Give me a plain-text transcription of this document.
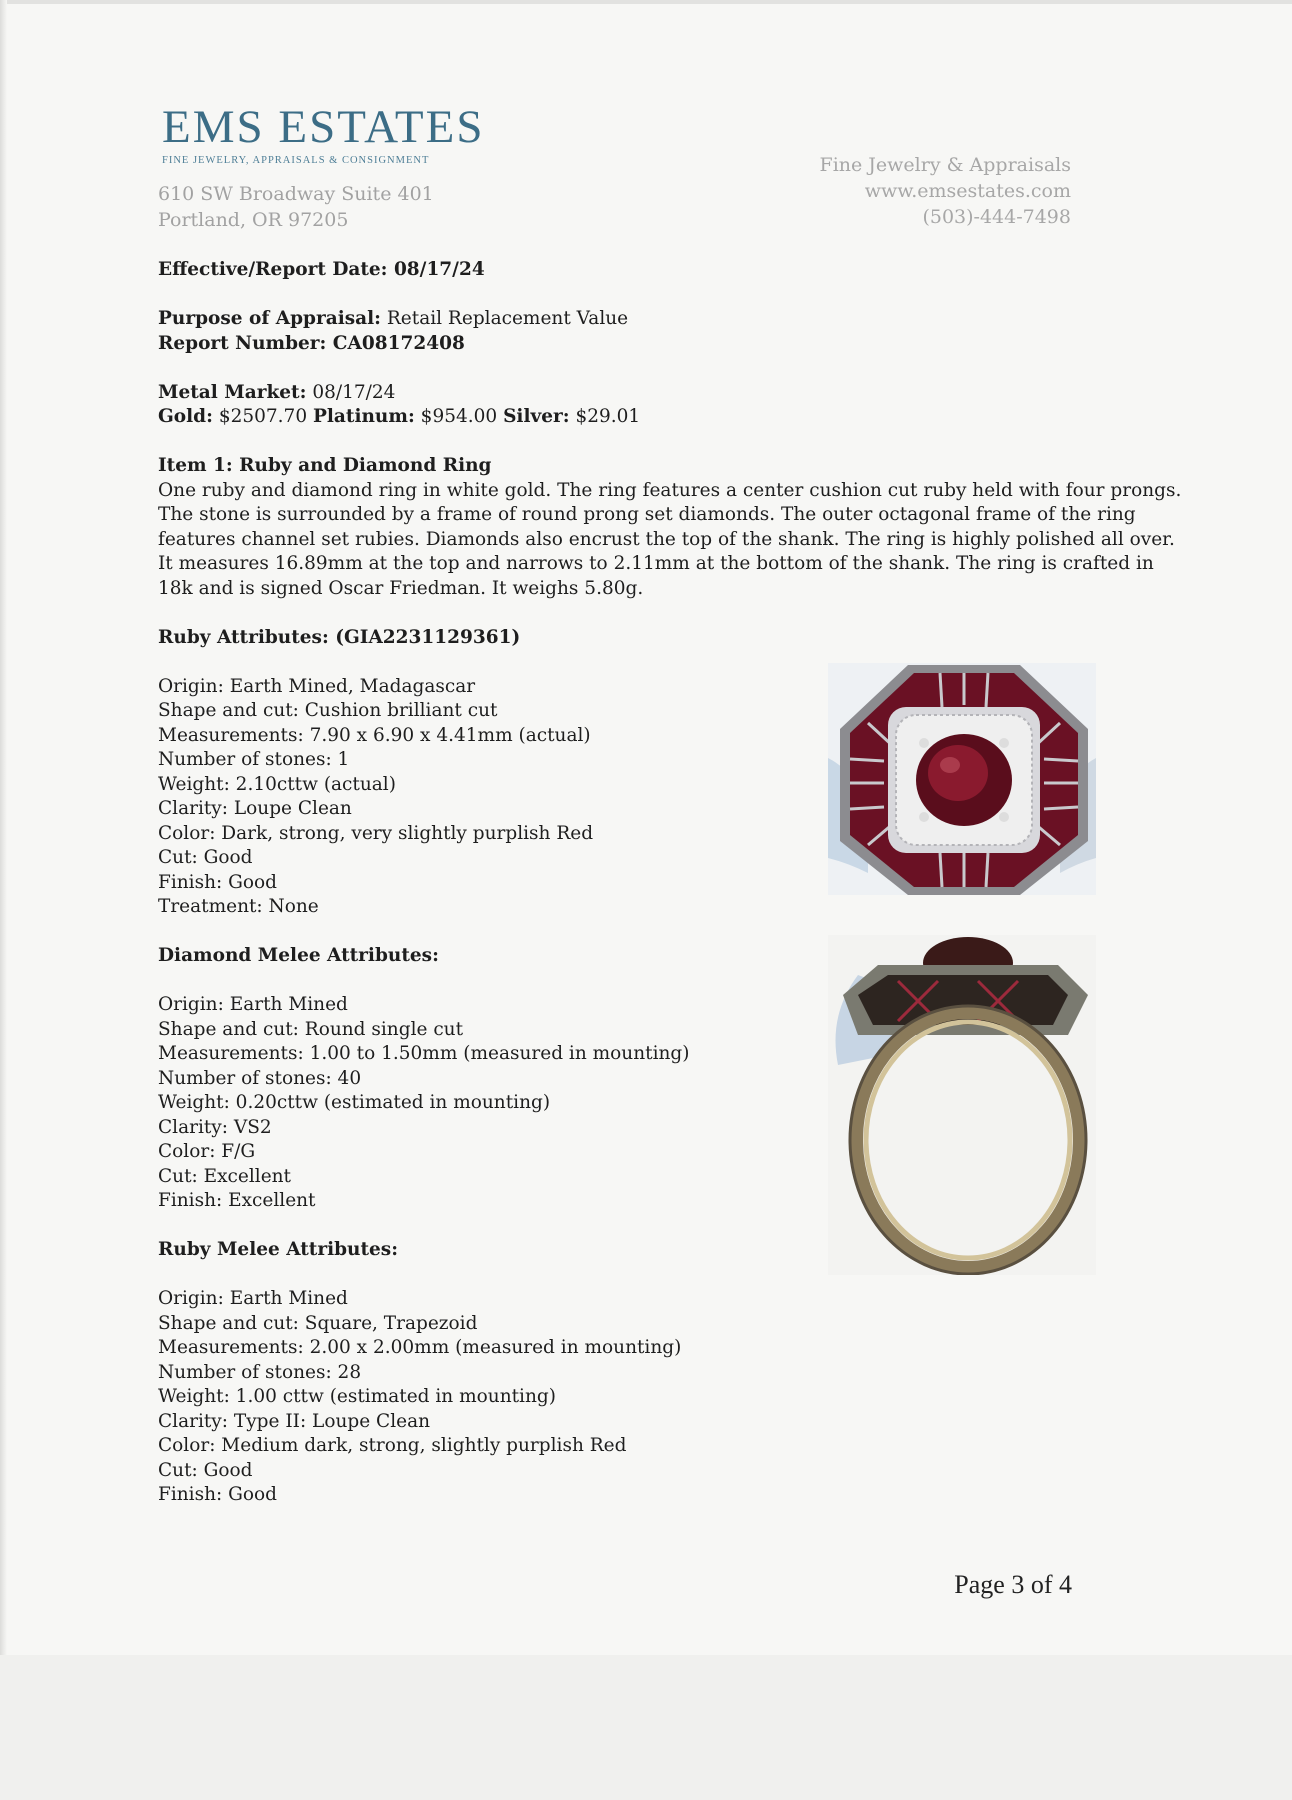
EMS ESTATES
FINE JEWELRY, APPRAISALS & CONSIGNMENT
610 SW Broadway Suite 401
Portland, OR 97205
Fine Jewelry & Appraisals
www.emsestates.com
(503)-444-7498

Effective/Report Date: 08/17/24

Purpose of Appraisal: Retail Replacement Value

Report Number: CA08172408

Metal Market: 08/17/24

Gold: $2507.70 Platinum: $954.00 Silver: $29.01

Item 1: Ruby and Diamond Ring

One ruby and diamond ring in white gold. The ring features a center cushion cut ruby held with four prongs.

The stone is surrounded by a frame of round prong set diamonds. The outer octagonal frame of the ring

features channel set rubies. Diamonds also encrust the top of the shank. The ring is highly polished all over.

It measures 16.89mm at the top and narrows to 2.11mm at the bottom of the shank. The ring is crafted in

18k and is signed Oscar Friedman. It weighs 5.80g.

Ruby Attributes: (GIA2231129361)

Origin: Earth Mined, Madagascar

Shape and cut: Cushion brilliant cut

Measurements: 7.90 x 6.90 x 4.41mm (actual)

Number of stones: 1

Weight: 2.10cttw (actual)

Clarity: Loupe Clean

Color: Dark, strong, very slightly purplish Red

Cut: Good

Finish: Good

Treatment: None

Diamond Melee Attributes:

Origin: Earth Mined

Shape and cut: Round single cut

Measurements: 1.00 to 1.50mm (measured in mounting)

Number of stones: 40

Weight: 0.20cttw (estimated in mounting)

Clarity: VS2

Color: F/G

Cut: Excellent

Finish: Excellent

Ruby Melee Attributes:

Origin: Earth Mined

Shape and cut: Square, Trapezoid

Measurements: 2.00 x 2.00mm (measured in mounting)

Number of stones: 28

Weight: 1.00 cttw (estimated in mounting)

Clarity: Type II: Loupe Clean

Color: Medium dark, strong, slightly purplish Red

Cut: Good

Finish: Good

Page 3 of 4
